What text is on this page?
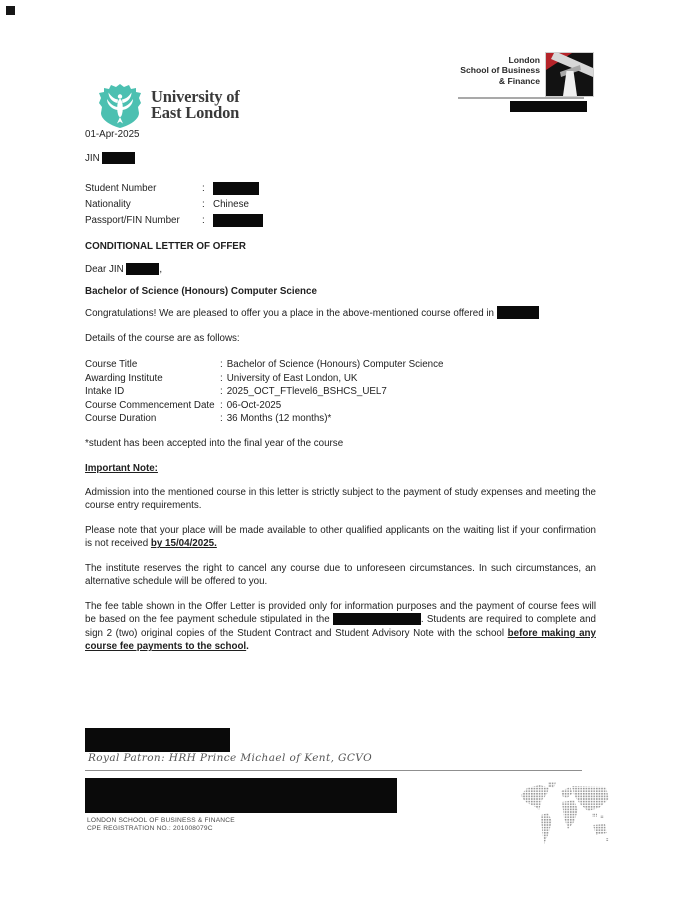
University of
East London
London
School of Business
& Finance
01-Apr-2025
JIN
Student Number	:
Nationality	: Chinese
Passport/FIN Number	:
CONDITIONAL LETTER OF OFFER
Dear JIN	,
Bachelor of Science (Honours) Computer Science
Congratulations! We are pleased to offer you a place in the above-mentioned course offered in
Details of the course are as follows:
Course Title	: Bachelor of Science (Honours) Computer Science
Awarding Institute	: University of East London, UK
Intake ID	: 2025_OCT_FTlevel6_BSHCS_UEL7
Course Commencement Date : 06-Oct-2025
Course Duration	: 36 Months (12 months)*
*student has been accepted into the final year of the course
Important Note:
Admission into the mentioned course in this letter is strictly subject to the payment of study expenses and meeting the course entry requirements.
Please note that your place will be made available to other qualified applicants on the waiting list if your confirmation is not received by 15/04/2025.
The institute reserves the right to cancel any course due to unforeseen circumstances. In such circumstances, an alternative schedule will be offered to you.
The fee table shown in the Offer Letter is provided only for information purposes and the payment of course fees will be based on the fee payment schedule stipulated in the	. Students are required to complete and sign 2 (two) original copies of the Student Contract and Student Advisory Note with the school before making any course fee payments to the school.
Royal Patron: HRH Prince Michael of Kent, GCVO
LONDON SCHOOL OF BUSINESS & FINANCE
CPE REGISTRATION NO.: 201008079C
